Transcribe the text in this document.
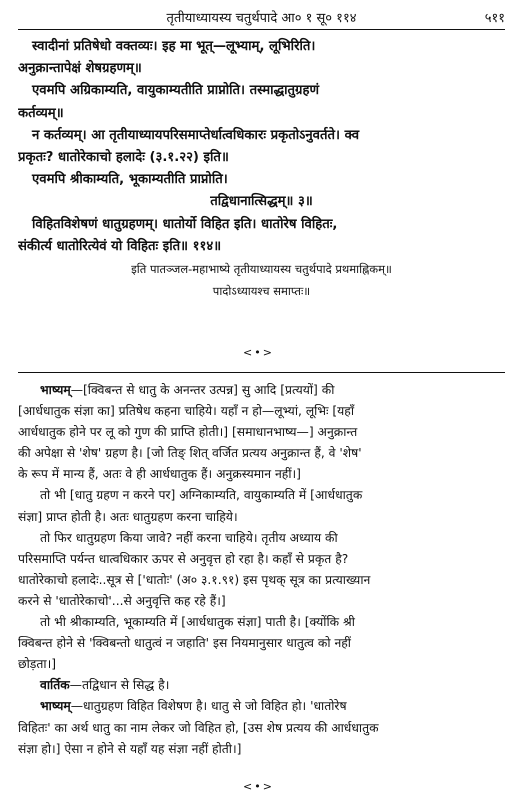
तृतीयाध्यायस्य चतुर्थपादे आ० १ सू० ११४	५११

स्वादीनां प्रतिषेधो वक्तव्यः। इह मा भूत्—लूभ्याम्, लूभिरिति।

अनुक्रान्तापेक्षं शेषग्रहणम्॥

एवमपि अग्रिकाम्यति, वायुकाम्यतीति प्राप्नोति। तस्माद्धातुग्रहणं

कर्तव्यम्॥

न कर्तव्यम्। आ तृतीयाध्यायपरिसमाप्तेर्धात्वधिकारः प्रकृतोऽनुवर्तते। क्व

प्रकृतः? धातोरेकाचो हलादेः (३.१.२२) इति॥

एवमपि श्रीकाम्यति, भूकाम्यतीति प्राप्नोति।

तद्विधानात्सिद्धम्॥ ३॥

विहितविशेषणं धातुग्रहणम्। धातोर्यो विहित इति। धातोरेष विहितः,

संकीर्त्य धातोरित्येवं यो विहितः इति॥ ११४॥

इति पातञ्जल-महाभाष्ये तृतीयाध्यायस्य चतुर्थपादे प्रथमाह्निकम्॥

पादोऽध्यायश्च समाप्तः॥

<•>

भाष्यम्—[क्विबन्त से धातु के अनन्तर उत्पन्न] सु आदि [प्रत्ययों] की

[आर्धधातुक संज्ञा का] प्रतिषेध कहना चाहिये। यहाँ न हो—लूभ्यां, लूभिः [यहाँ

आर्धधातुक होने पर लू को गुण की प्राप्ति होती।] [समाधानभाष्य—] अनुक्रान्त

की अपेक्षा से 'शेष' ग्रहण है। [जो तिङ् शित् वर्जित प्रत्यय अनुक्रान्त हैं, वे 'शेष'

के रूप में मान्य हैं, अतः वे ही आर्धधातुक हैं। अनुक्रस्यमान नहीं।]

तो भी [धातु ग्रहण न करने पर] अग्निकाम्यति, वायुकाम्यति में [आर्धधातुक

संज्ञा] प्राप्त होती है। अतः धातुग्रहण करना चाहिये।

तो फिर धातुग्रहण किया जावे? नहीं करना चाहिये। तृतीय अध्याय की

परिसमाप्ति पर्यन्त धात्वधिकार ऊपर से अनुवृत्त हो रहा है। कहाँ से प्रकृत है?

धातोरेकाचो हलादेः..सूत्र से ['धातोः' (अ० ३.१.९१) इस पृथक् सूत्र का प्रत्याख्यान

करने से 'धातोरेकाचो'...से अनुवृत्ति कह रहे हैं।]

तो भी श्रीकाम्यति, भूकाम्यति में [आर्धधातुक संज्ञा] पाती है। [क्योंकि श्री

क्विबन्त होने से 'क्विबन्तो धातुत्वं न जहाति' इस नियमानुसार धातुत्व को नहीं

छोड़ता।]

वार्तिक—तद्विधान से सिद्ध है।

भाष्यम्—धातुग्रहण विहित विशेषण है। धातु से जो विहित हो। 'धातोरेष

विहितः' का अर्थ धातु का नाम लेकर जो विहित हो, [उस शेष प्रत्यय की आर्धधातुक

संज्ञा हो।] ऐसा न होने से यहाँ यह संज्ञा नहीं होती।]

<•>
